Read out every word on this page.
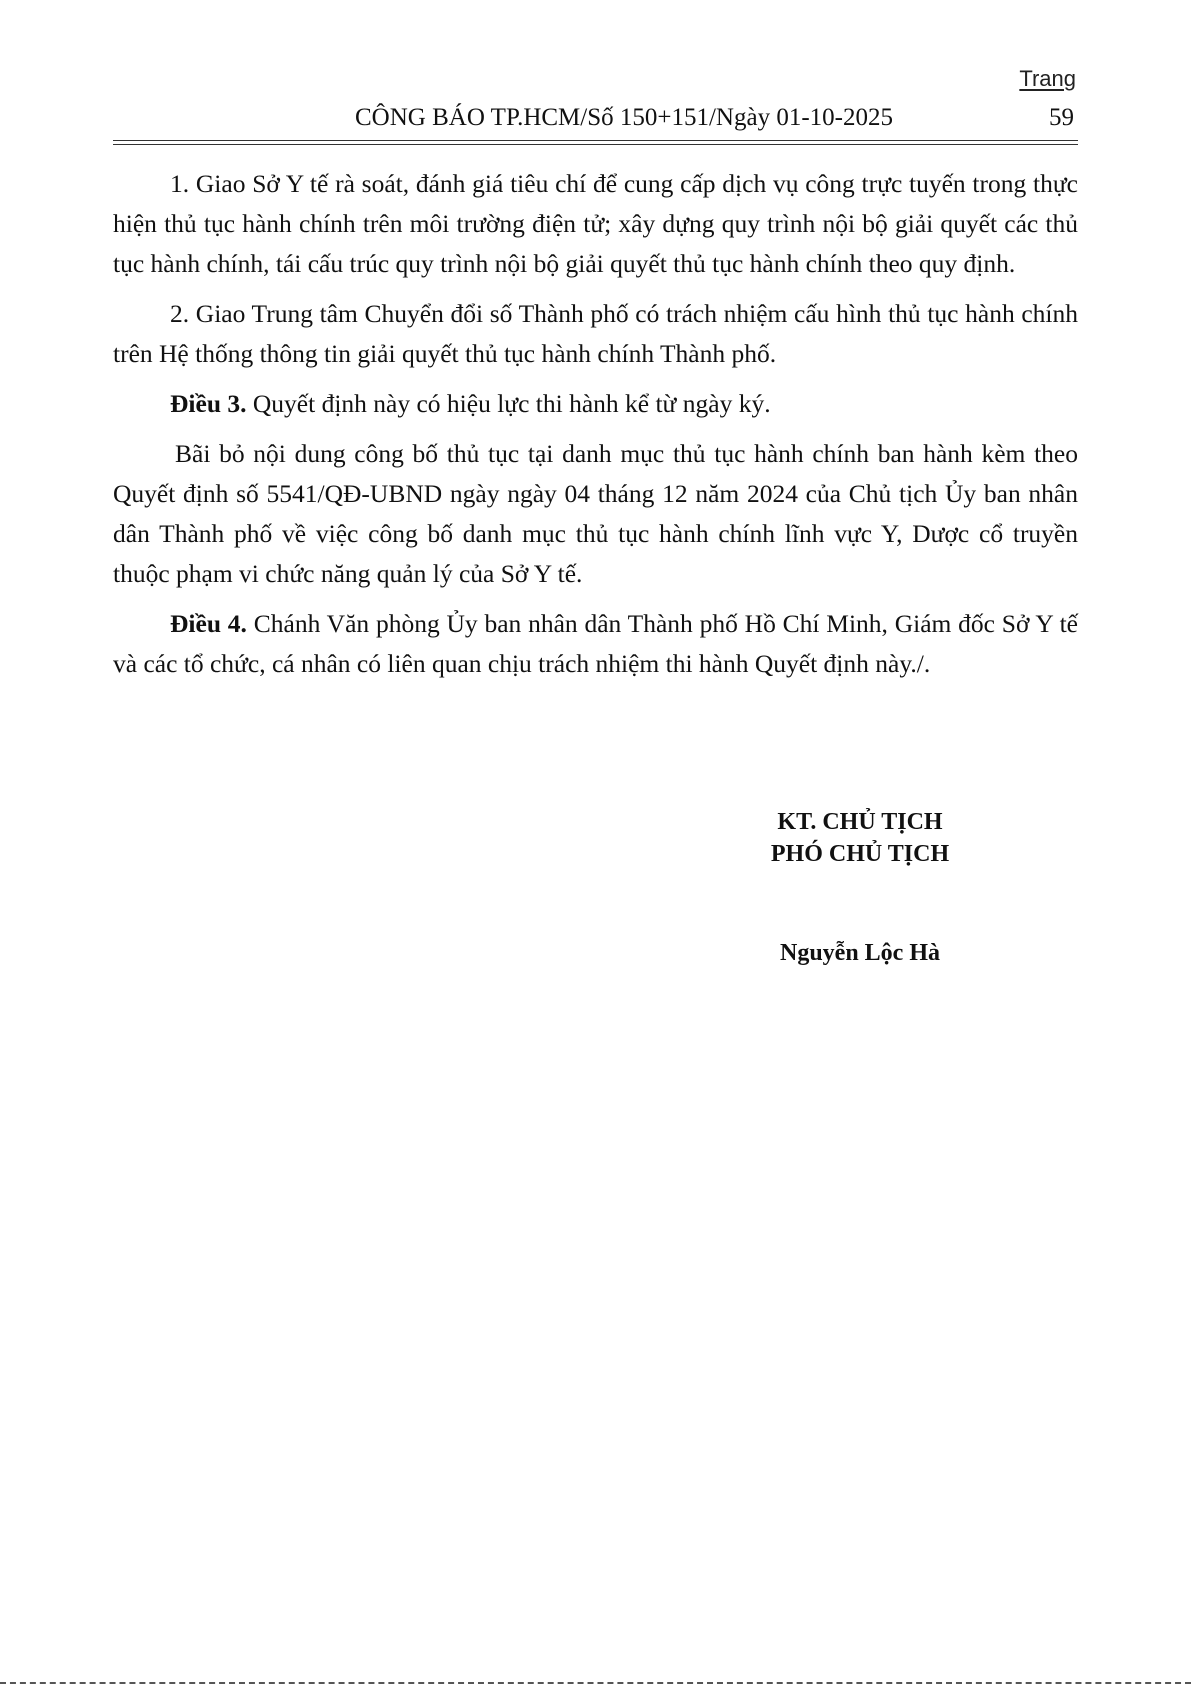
Trang
CÔNG BÁO TP.HCM/Số 150+151/Ngày 01-10-2025	59

1. Giao Sở Y tế rà soát, đánh giá tiêu chí để cung cấp dịch vụ công trực tuyến trong thực hiện thủ tục hành chính trên môi trường điện tử; xây dựng quy trình nội bộ giải quyết các thủ tục hành chính, tái cấu trúc quy trình nội bộ giải quyết thủ tục hành chính theo quy định.

2. Giao Trung tâm Chuyển đổi số Thành phố có trách nhiệm cấu hình thủ tục hành chính trên Hệ thống thông tin giải quyết thủ tục hành chính Thành phố.

Điều 3. Quyết định này có hiệu lực thi hành kể từ ngày ký.

Bãi bỏ nội dung công bố thủ tục tại danh mục thủ tục hành chính ban hành kèm theo Quyết định số 5541/QĐ-UBND ngày ngày 04 tháng 12 năm 2024 của Chủ tịch Ủy ban nhân dân Thành phố về việc công bố danh mục thủ tục hành chính lĩnh vực Y, Dược cổ truyền thuộc phạm vi chức năng quản lý của Sở Y tế.

Điều 4. Chánh Văn phòng Ủy ban nhân dân Thành phố Hồ Chí Minh, Giám đốc Sở Y tế và các tổ chức, cá nhân có liên quan chịu trách nhiệm thi hành Quyết định này./.

KT. CHỦ TỊCH
PHÓ CHỦ TỊCH
Nguyễn Lộc Hà
